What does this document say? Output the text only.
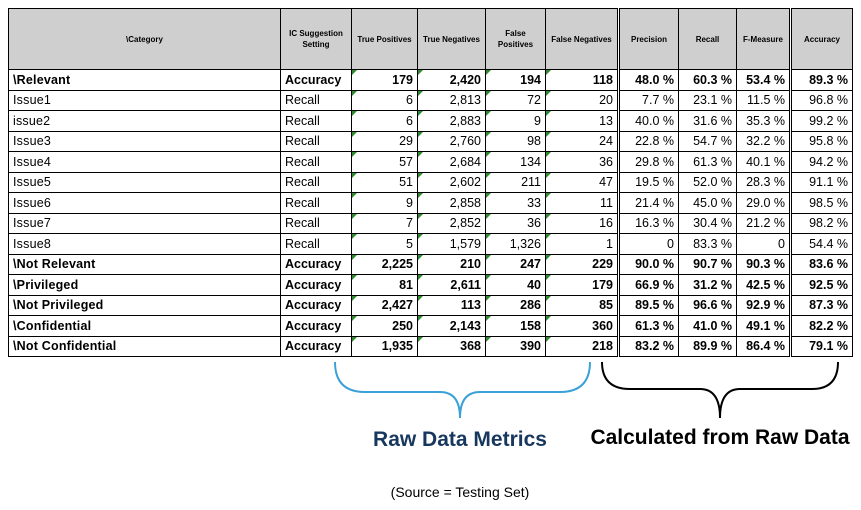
\Category	IC Suggestion Setting	True Positives	True Negatives	False Positives	False Negatives	Precision	Recall	F-Measure	Accuracy
\Relevant	Accuracy	179	2,420	194	118	48.0 %	60.3 %	53.4 %	89.3 %
Issue1	Recall	6	2,813	72	20	7.7 %	23.1 %	11.5 %	96.8 %
issue2	Recall	6	2,883	9	13	40.0 %	31.6 %	35.3 %	99.2 %
Issue3	Recall	29	2,760	98	24	22.8 %	54.7 %	32.2 %	95.8 %
Issue4	Recall	57	2,684	134	36	29.8 %	61.3 %	40.1 %	94.2 %
Issue5	Recall	51	2,602	211	47	19.5 %	52.0 %	28.3 %	91.1 %
Issue6	Recall	9	2,858	33	11	21.4 %	45.0 %	29.0 %	98.5 %
Issue7	Recall	7	2,852	36	16	16.3 %	30.4 %	21.2 %	98.2 %
Issue8	Recall	5	1,579	1,326	1	0	83.3 %	0	54.4 %
\Not Relevant	Accuracy	2,225	210	247	229	90.0 %	90.7 %	90.3 %	83.6 %
\Privileged	Accuracy	81	2,611	40	179	66.9 %	31.2 %	42.5 %	92.5 %
\Not Privileged	Accuracy	2,427	113	286	85	89.5 %	96.6 %	92.9 %	87.3 %
\Confidential	Accuracy	250	2,143	158	360	61.3 %	41.0 %	49.1 %	82.2 %
\Not Confidential	Accuracy	1,935	368	390	218	83.2 %	89.9 %	86.4 %	79.1 %
Raw Data Metrics
(Source = Testing Set)
Calculated from Raw Data
